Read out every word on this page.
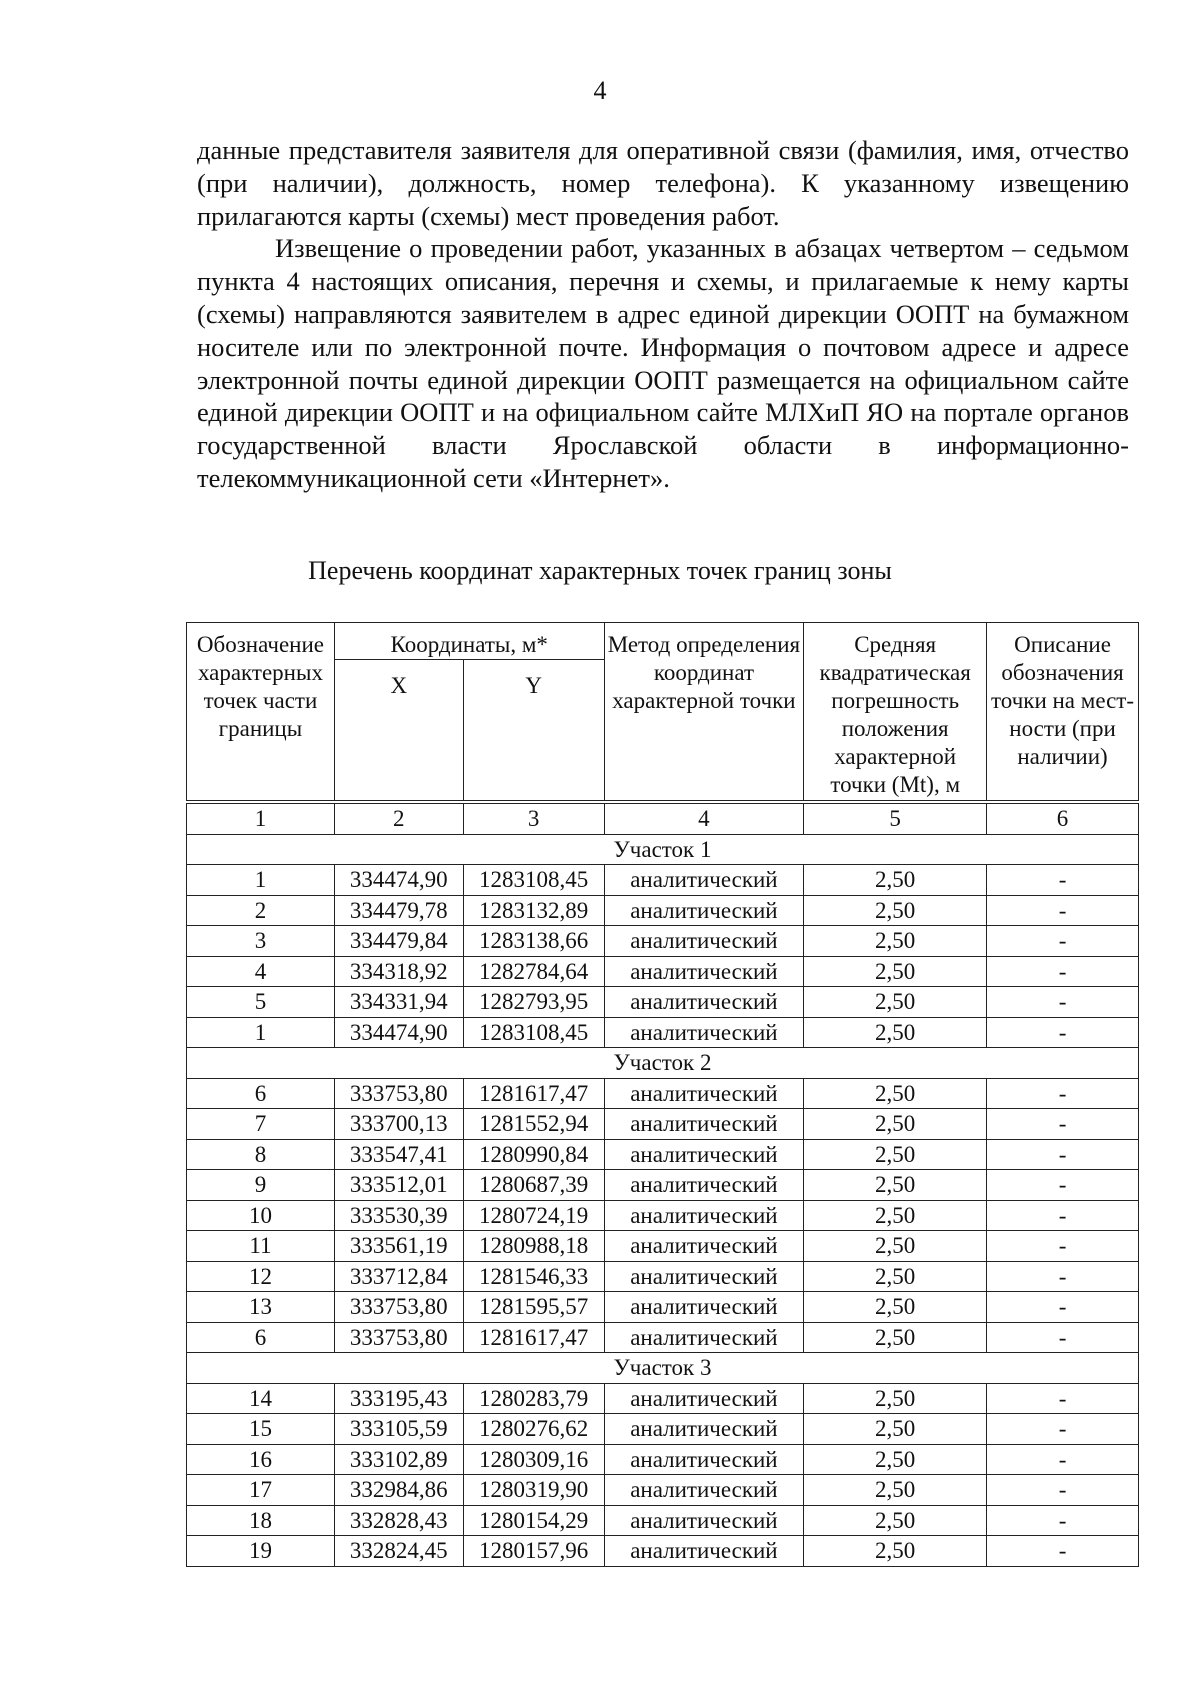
4

данные представителя заявителя для оперативной связи (фамилия, имя, отчество (при наличии), должность, номер телефона). К указанному извещению прилагаются карты (схемы) мест проведения работ.

Извещение о проведении работ, указанных в абзацах четвертом – седьмом пункта 4 настоящих описания, перечня и схемы, и прилагаемые к нему карты (схемы) направляются заявителем в адрес единой дирекции ООПТ на бумажном носителе или по электронной почте. Информация о почтовом адресе и адресе электронной почты единой дирекции ООПТ размещается на официальном сайте единой дирекции ООПТ и на официальном сайте МЛХиП ЯО на портале органов государственной власти Ярославской области в информационно-телекоммуникационной сети «Интернет».

Перечень координат характерных точек границ зоны
Обозначение характерных точек части границы	Координаты, м*		Метод определения координат характерной точки	Средняя квадратическая погрешность положения характерной точки (Mt), м	Описание обозначения точки на мест-ности (при наличии)
	X	Y			
1	2	3	4	5	6
Участок 1					
1	334474,90	1283108,45	аналитический	2,50	-
2	334479,78	1283132,89	аналитический	2,50	-
3	334479,84	1283138,66	аналитический	2,50	-
4	334318,92	1282784,64	аналитический	2,50	-
5	334331,94	1282793,95	аналитический	2,50	-
1	334474,90	1283108,45	аналитический	2,50	-
Участок 2					
6	333753,80	1281617,47	аналитический	2,50	-
7	333700,13	1281552,94	аналитический	2,50	-
8	333547,41	1280990,84	аналитический	2,50	-
9	333512,01	1280687,39	аналитический	2,50	-
10	333530,39	1280724,19	аналитический	2,50	-
11	333561,19	1280988,18	аналитический	2,50	-
12	333712,84	1281546,33	аналитический	2,50	-
13	333753,80	1281595,57	аналитический	2,50	-
6	333753,80	1281617,47	аналитический	2,50	-
Участок 3					
14	333195,43	1280283,79	аналитический	2,50	-
15	333105,59	1280276,62	аналитический	2,50	-
16	333102,89	1280309,16	аналитический	2,50	-
17	332984,86	1280319,90	аналитический	2,50	-
18	332828,43	1280154,29	аналитический	2,50	-
19	332824,45	1280157,96	аналитический	2,50	-
